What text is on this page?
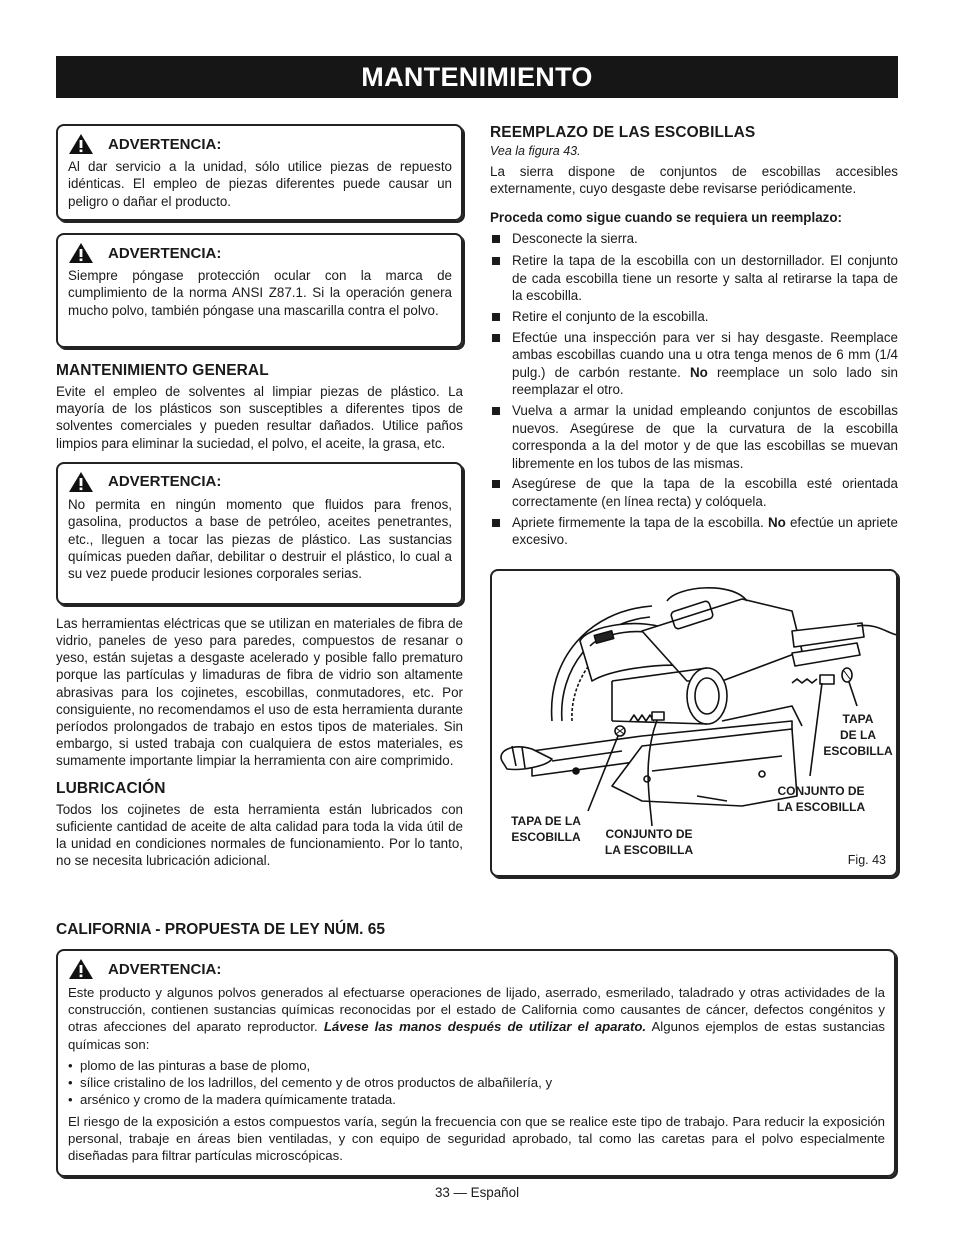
MANTENIMIENTO
ADVERTENCIA:

Al dar servicio a la unidad, sólo utilice piezas de repuesto idénticas. El empleo de piezas diferentes puede causar un peligro o dañar el producto.

ADVERTENCIA:

Siempre póngase protección ocular con la marca de cumplimiento de la norma ANSI Z87.1. Si la operación genera mucho polvo, también póngase una mascarilla contra el polvo.

MANTENIMIENTO GENERAL

Evite el empleo de solventes al limpiar piezas de plástico. La mayoría de los plásticos son susceptibles a diferentes tipos de solventes comerciales y pueden resultar dañados. Utilice paños limpios para eliminar la suciedad, el polvo, el aceite, la grasa, etc.

ADVERTENCIA:

No permita en ningún momento que fluidos para frenos, gasolina, productos a base de petróleo, aceites penetrantes, etc., lleguen a tocar las piezas de plástico. Las sustancias químicas pueden dañar, debilitar o destruir el plástico, lo cual a su vez puede producir lesiones corporales serias.

Las herramientas eléctricas que se utilizan en materiales de fibra de vidrio, paneles de yeso para paredes, compuestos de resanar o yeso, están sujetas a desgaste acelerado y posible fallo prematuro porque las partículas y limaduras de fibra de vidrio son altamente abrasivas para los cojinetes, escobillas, conmutadores, etc. Por consiguiente, no recomendamos el uso de esta herramienta durante períodos prolongados de trabajo en estos tipos de materiales. Sin embargo, si usted trabaja con cualquiera de estos materiales, es sumamente importante limpiar la herramienta con aire comprimido.

LUBRICACIÓN

Todos los cojinetes de esta herramienta están lubricados con suficiente cantidad de aceite de alta calidad para toda la vida útil de la unidad en condiciones normales de funcionamiento. Por lo tanto, no se necesita lubricación adicional.

REEMPLAZO DE LAS ESCOBILLAS

Vea la figura 43.

La sierra dispone de conjuntos de escobillas accesibles externamente, cuyo desgaste debe revisarse periódicamente.

Proceda como sigue cuando se requiera un reemplazo:

Desconecte la sierra.
Retire la tapa de la escobilla con un destornillador. El conjunto de cada escobilla tiene un resorte y salta al retirarse la tapa de la escobilla.
Retire el conjunto de la escobilla.
Efectúe una inspección para ver si hay desgaste. Reemplace ambas escobillas cuando una u otra tenga menos de 6 mm (1/4 pulg.) de carbón restante. No reemplace un solo lado sin reemplazar el otro.
Vuelva a armar la unidad empleando conjuntos de escobillas nuevos. Asegúrese de que la curvatura de la escobilla corresponda a la del motor y de que las escobillas se muevan libremente en los tubos de las mismas.
Asegúrese de que la tapa de la escobilla esté orientada correctamente (en línea recta) y colóquela.
Apriete firmemente la tapa de la escobilla. No efectúe un apriete excesivo.
TAPA
DE LA
ESCOBILLA
CONJUNTO DE
LA ESCOBILLA
TAPA DE LA
ESCOBILLA	CONJUNTO DE
LA ESCOBILLA
Fig. 43
CALIFORNIA - PROPUESTA DE LEY NÚM. 65
ADVERTENCIA:

Este producto y algunos polvos generados al efectuarse operaciones de lijado, aserrado, esmerilado, taladrado y otras actividades de la construcción, contienen sustancias químicas reconocidas por el estado de California como causantes de cáncer, defectos congénitos y otras afecciones del aparato reproductor. Lávese las manos después de utilizar el aparato. Algunos ejemplos de estas sustancias químicas son:

• plomo de las pinturas a base de plomo,
• sílice cristalino de los ladrillos, del cemento y de otros productos de albañilería, y
• arsénico y cromo de la madera químicamente tratada.

El riesgo de la exposición a estos compuestos varía, según la frecuencia con que se realice este tipo de trabajo. Para reducir la exposición personal, trabaje en áreas bien ventiladas, y con equipo de seguridad aprobado, tal como las caretas para el polvo especialmente diseñadas para filtrar partículas microscópicas.

33 — Español
